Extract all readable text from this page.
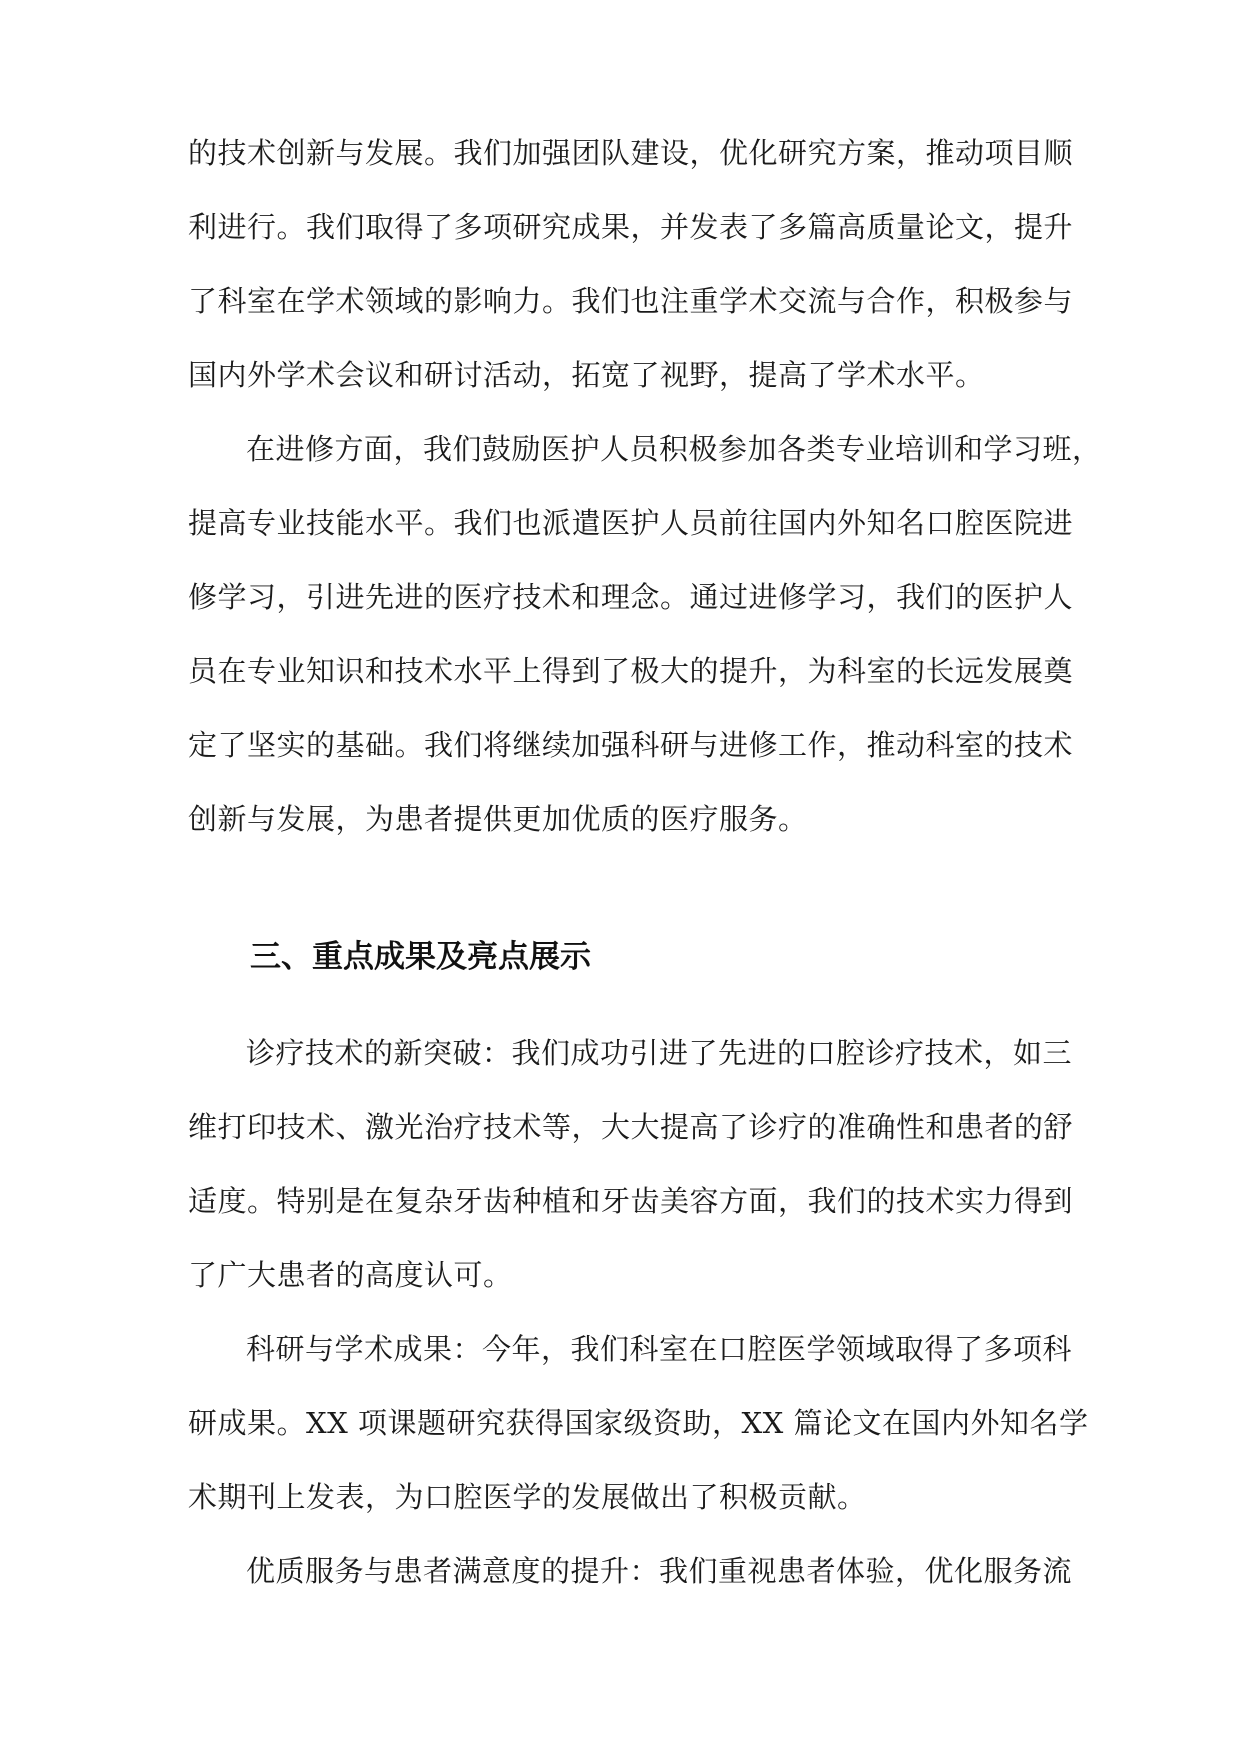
的技术创新与发展。我们加强团队建设，优化研究方案，推动项目顺
利进行。我们取得了多项研究成果，并发表了多篇高质量论文，提升
了科室在学术领域的影响力。我们也注重学术交流与合作，积极参与
国内外学术会议和研讨活动，拓宽了视野，提高了学术水平。
在进修方面，我们鼓励医护人员积极参加各类专业培训和学习班，
提高专业技能水平。我们也派遣医护人员前往国内外知名口腔医院进
修学习，引进先进的医疗技术和理念。通过进修学习，我们的医护人
员在专业知识和技术水平上得到了极大的提升，为科室的长远发展奠
定了坚实的基础。我们将继续加强科研与进修工作，推动科室的技术
创新与发展，为患者提供更加优质的医疗服务。
三、重点成果及亮点展示
诊疗技术的新突破：我们成功引进了先进的口腔诊疗技术，如三
维打印技术、激光治疗技术等，大大提高了诊疗的准确性和患者的舒
适度。特别是在复杂牙齿种植和牙齿美容方面，我们的技术实力得到
了广大患者的高度认可。
科研与学术成果：今年，我们科室在口腔医学领域取得了多项科
研成果。XX 项课题研究获得国家级资助，XX 篇论文在国内外知名学
术期刊上发表，为口腔医学的发展做出了积极贡献。
优质服务与患者满意度的提升：我们重视患者体验，优化服务流
